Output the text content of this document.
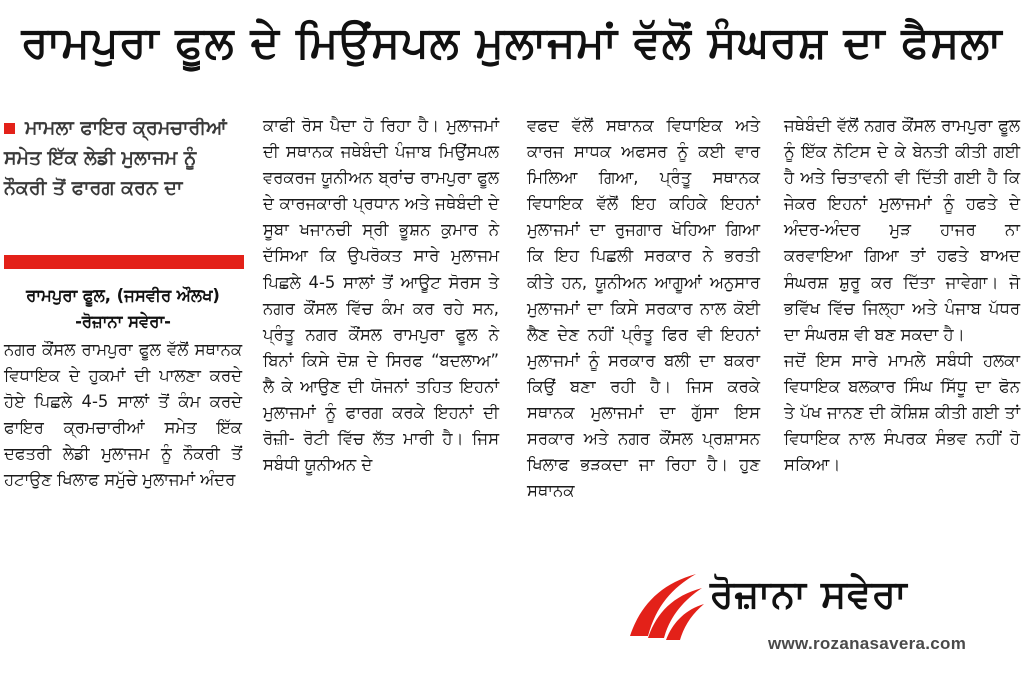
ਰਾਮਪੁਰਾ ਫੂਲ ਦੇ ਮਿਉਂਸਪਲ ਮੁਲਾਜਮਾਂ ਵੱਲੋਂ ਸੰਘਰਸ਼ ਦਾ ਫੈਸਲਾ
ਮਾਮਲਾ ਫਾਇਰ ਕ੍ਰਮਚਾਰੀਆਂ ਸਮੇਤ ਇੱਕ ਲੇਡੀ ਮੁਲਾਜਮ ਨੂੰ ਨੌਕਰੀ ਤੋਂ ਫਾਰਗ ਕਰਨ ਦਾ
ਰਾਮਪੁਰਾ ਫੂਲ, (ਜਸਵੀਰ ਔਲਖ)
-ਰੋਜ਼ਾਨਾ ਸਵੇਰਾ-

ਨਗਰ ਕੌਂਸਲ ਰਾਮਪੁਰਾ ਫੂਲ ਵੱਲੋਂ ਸਥਾਨਕ ਵਿਧਾਇਕ ਦੇ ਹੁਕਮਾਂ ਦੀ ਪਾਲਣਾ ਕਰਦੇ ਹੋਏ ਪਿਛਲੇ 4-5 ਸਾਲਾਂ ਤੋਂ ਕੰਮ ਕਰਦੇ ਫਾਇਰ ਕ੍ਰਮਚਾਰੀਆਂ ਸਮੇਤ ਇੱਕ ਦਫਤਰੀ ਲੇਡੀ ਮੁਲਾਜਮ ਨੂੰ ਨੌਕਰੀ ਤੋਂ ਹਟਾਉਣ ਖਿਲਾਫ ਸਮੁੱਚੇ ਮੁਲਾਜਮਾਂ ਅੰਦਰ

ਕਾਫੀ ਰੋਸ ਪੈਦਾ ਹੋ ਰਿਹਾ ਹੈ। ਮੁਲਾਜਮਾਂ ਦੀ ਸਥਾਨਕ ਜਥੇਬੰਦੀ ਪੰਜਾਬ ਮਿਉਂਸਪਲ ਵਰਕਰਜ ਯੂਨੀਅਨ ਬ੍ਰਾਂਚ ਰਾਮਪੁਰਾ ਫੂਲ ਦੇ ਕਾਰਜਕਾਰੀ ਪ੍ਰਧਾਨ ਅਤੇ ਜਥੇਬੰਦੀ ਦੇ ਸੂਬਾ ਖਜਾਨਚੀ ਸ੍ਰੀ ਭੂਸ਼ਨ ਕੁਮਾਰ ਨੇ ਦੱਸਿਆ ਕਿ ਉਪਰੋਕਤ ਸਾਰੇ ਮੁਲਾਜਮ ਪਿਛਲੇ 4-5 ਸਾਲਾਂ ਤੋਂ ਆਊਟ ਸੋਰਸ ਤੇ ਨਗਰ ਕੌਂਸਲ ਵਿੱਚ ਕੰਮ ਕਰ ਰਹੇ ਸਨ, ਪ੍ਰੰਤੂ ਨਗਰ ਕੌਂਸਲ ਰਾਮਪੁਰਾ ਫੂਲ ਨੇ ਬਿਨਾਂ ਕਿਸੇ ਦੋਸ਼ ਦੇ ਸਿਰਫ “ਬਦਲਾਅ” ਲੈ ਕੇ ਆਉਣ ਦੀ ਯੋਜਨਾਂ ਤਹਿਤ ਇਹਨਾਂ ਮੁਲਾਜਮਾਂ ਨੂੰ ਫਾਰਗ ਕਰਕੇ ਇਹਨਾਂ ਦੀ ਰੋਜ਼ੀ- ਰੋਟੀ ਵਿੱਚ ਲੱਤ ਮਾਰੀ ਹੈ। ਜਿਸ ਸਬੰਧੀ ਯੂਨੀਅਨ ਦੇ

ਵਫਦ ਵੱਲੋਂ ਸਥਾਨਕ ਵਿਧਾਇਕ ਅਤੇ ਕਾਰਜ ਸਾਧਕ ਅਫਸਰ ਨੂੰ ਕਈ ਵਾਰ ਮਿਲਿਆ ਗਿਆ, ਪ੍ਰੰਤੂ ਸਥਾਨਕ ਵਿਧਾਇਕ ਵੱਲੋਂ ਇਹ ਕਹਿਕੇ ਇਹਨਾਂ ਮੁਲਾਜਮਾਂ ਦਾ ਰੁਜਗਾਰ ਖੋਹਿਆ ਗਿਆ ਕਿ ਇਹ ਪਿਛਲੀ ਸਰਕਾਰ ਨੇ ਭਰਤੀ ਕੀਤੇ ਹਨ, ਯੂਨੀਅਨ ਆਗੂਆਂ ਅਨੁਸਾਰ ਮੁਲਾਜਮਾਂ ਦਾ ਕਿਸੇ ਸਰਕਾਰ ਨਾਲ ਕੋਈ ਲੈਣ ਦੇਣ ਨਹੀਂ ਪ੍ਰੰਤੂ ਫਿਰ ਵੀ ਇਹਨਾਂ ਮੁਲਾਜਮਾਂ ਨੂੰ ਸਰਕਾਰ ਬਲੀ ਦਾ ਬਕਰਾ ਕਿਉਂ ਬਣਾ ਰਹੀ ਹੈ। ਜਿਸ ਕਰਕੇ ਸਥਾਨਕ ਮੁਲਾਜਮਾਂ ਦਾ ਗੁੱਸਾ ਇਸ ਸਰਕਾਰ ਅਤੇ ਨਗਰ ਕੌਂਸਲ ਪ੍ਰਸ਼ਾਸਨ ਖਿਲਾਫ ਭੜਕਦਾ ਜਾ ਰਿਹਾ ਹੈ। ਹੁਣ ਸਥਾਨਕ

ਜਥੇਬੰਦੀ ਵੱਲੋਂ ਨਗਰ ਕੌਂਸਲ ਰਾਮਪੁਰਾ ਫੂਲ ਨੂੰ ਇੱਕ ਨੋਟਿਸ ਦੇ ਕੇ ਬੇਨਤੀ ਕੀਤੀ ਗਈ ਹੈ ਅਤੇ ਚਿਤਾਵਨੀ ਵੀ ਦਿੱਤੀ ਗਈ ਹੈ ਕਿ ਜੇਕਰ ਇਹਨਾਂ ਮੁਲਾਜਮਾਂ ਨੂੰ ਹਫਤੇ ਦੇ ਅੰਦਰ-ਅੰਦਰ ਮੁੜ ਹਾਜਰ ਨਾ ਕਰਵਾਇਆ ਗਿਆ ਤਾਂ ਹਫਤੇ ਬਾਅਦ ਸੰਘਰਸ਼ ਸ਼ੁਰੂ ਕਰ ਦਿੱਤਾ ਜਾਵੇਗਾ। ਜੋ ਭਵਿੱਖ ਵਿੱਚ ਜਿਲ੍ਹਾ ਅਤੇ ਪੰਜਾਬ ਪੱਧਰ ਦਾ ਸੰਘਰਸ਼ ਵੀ ਬਣ ਸਕਦਾ ਹੈ।

ਜਦੋਂ ਇਸ ਸਾਰੇ ਮਾਮਲੇ ਸਬੰਧੀ ਹਲਕਾ ਵਿਧਾਇਕ ਬਲਕਾਰ ਸਿੰਘ ਸਿੱਧੂ ਦਾ ਫੋਨ ਤੇ ਪੱਖ ਜਾਨਣ ਦੀ ਕੋਸ਼ਿਸ਼ ਕੀਤੀ ਗਈ ਤਾਂ ਵਿਧਾਇਕ ਨਾਲ ਸੰਪਰਕ ਸੰਭਵ ਨਹੀਂ ਹੋ ਸਕਿਆ।

ਰੋਜ਼ਾਨਾ ਸਵੇਰਾ
www.rozanasavera.com
